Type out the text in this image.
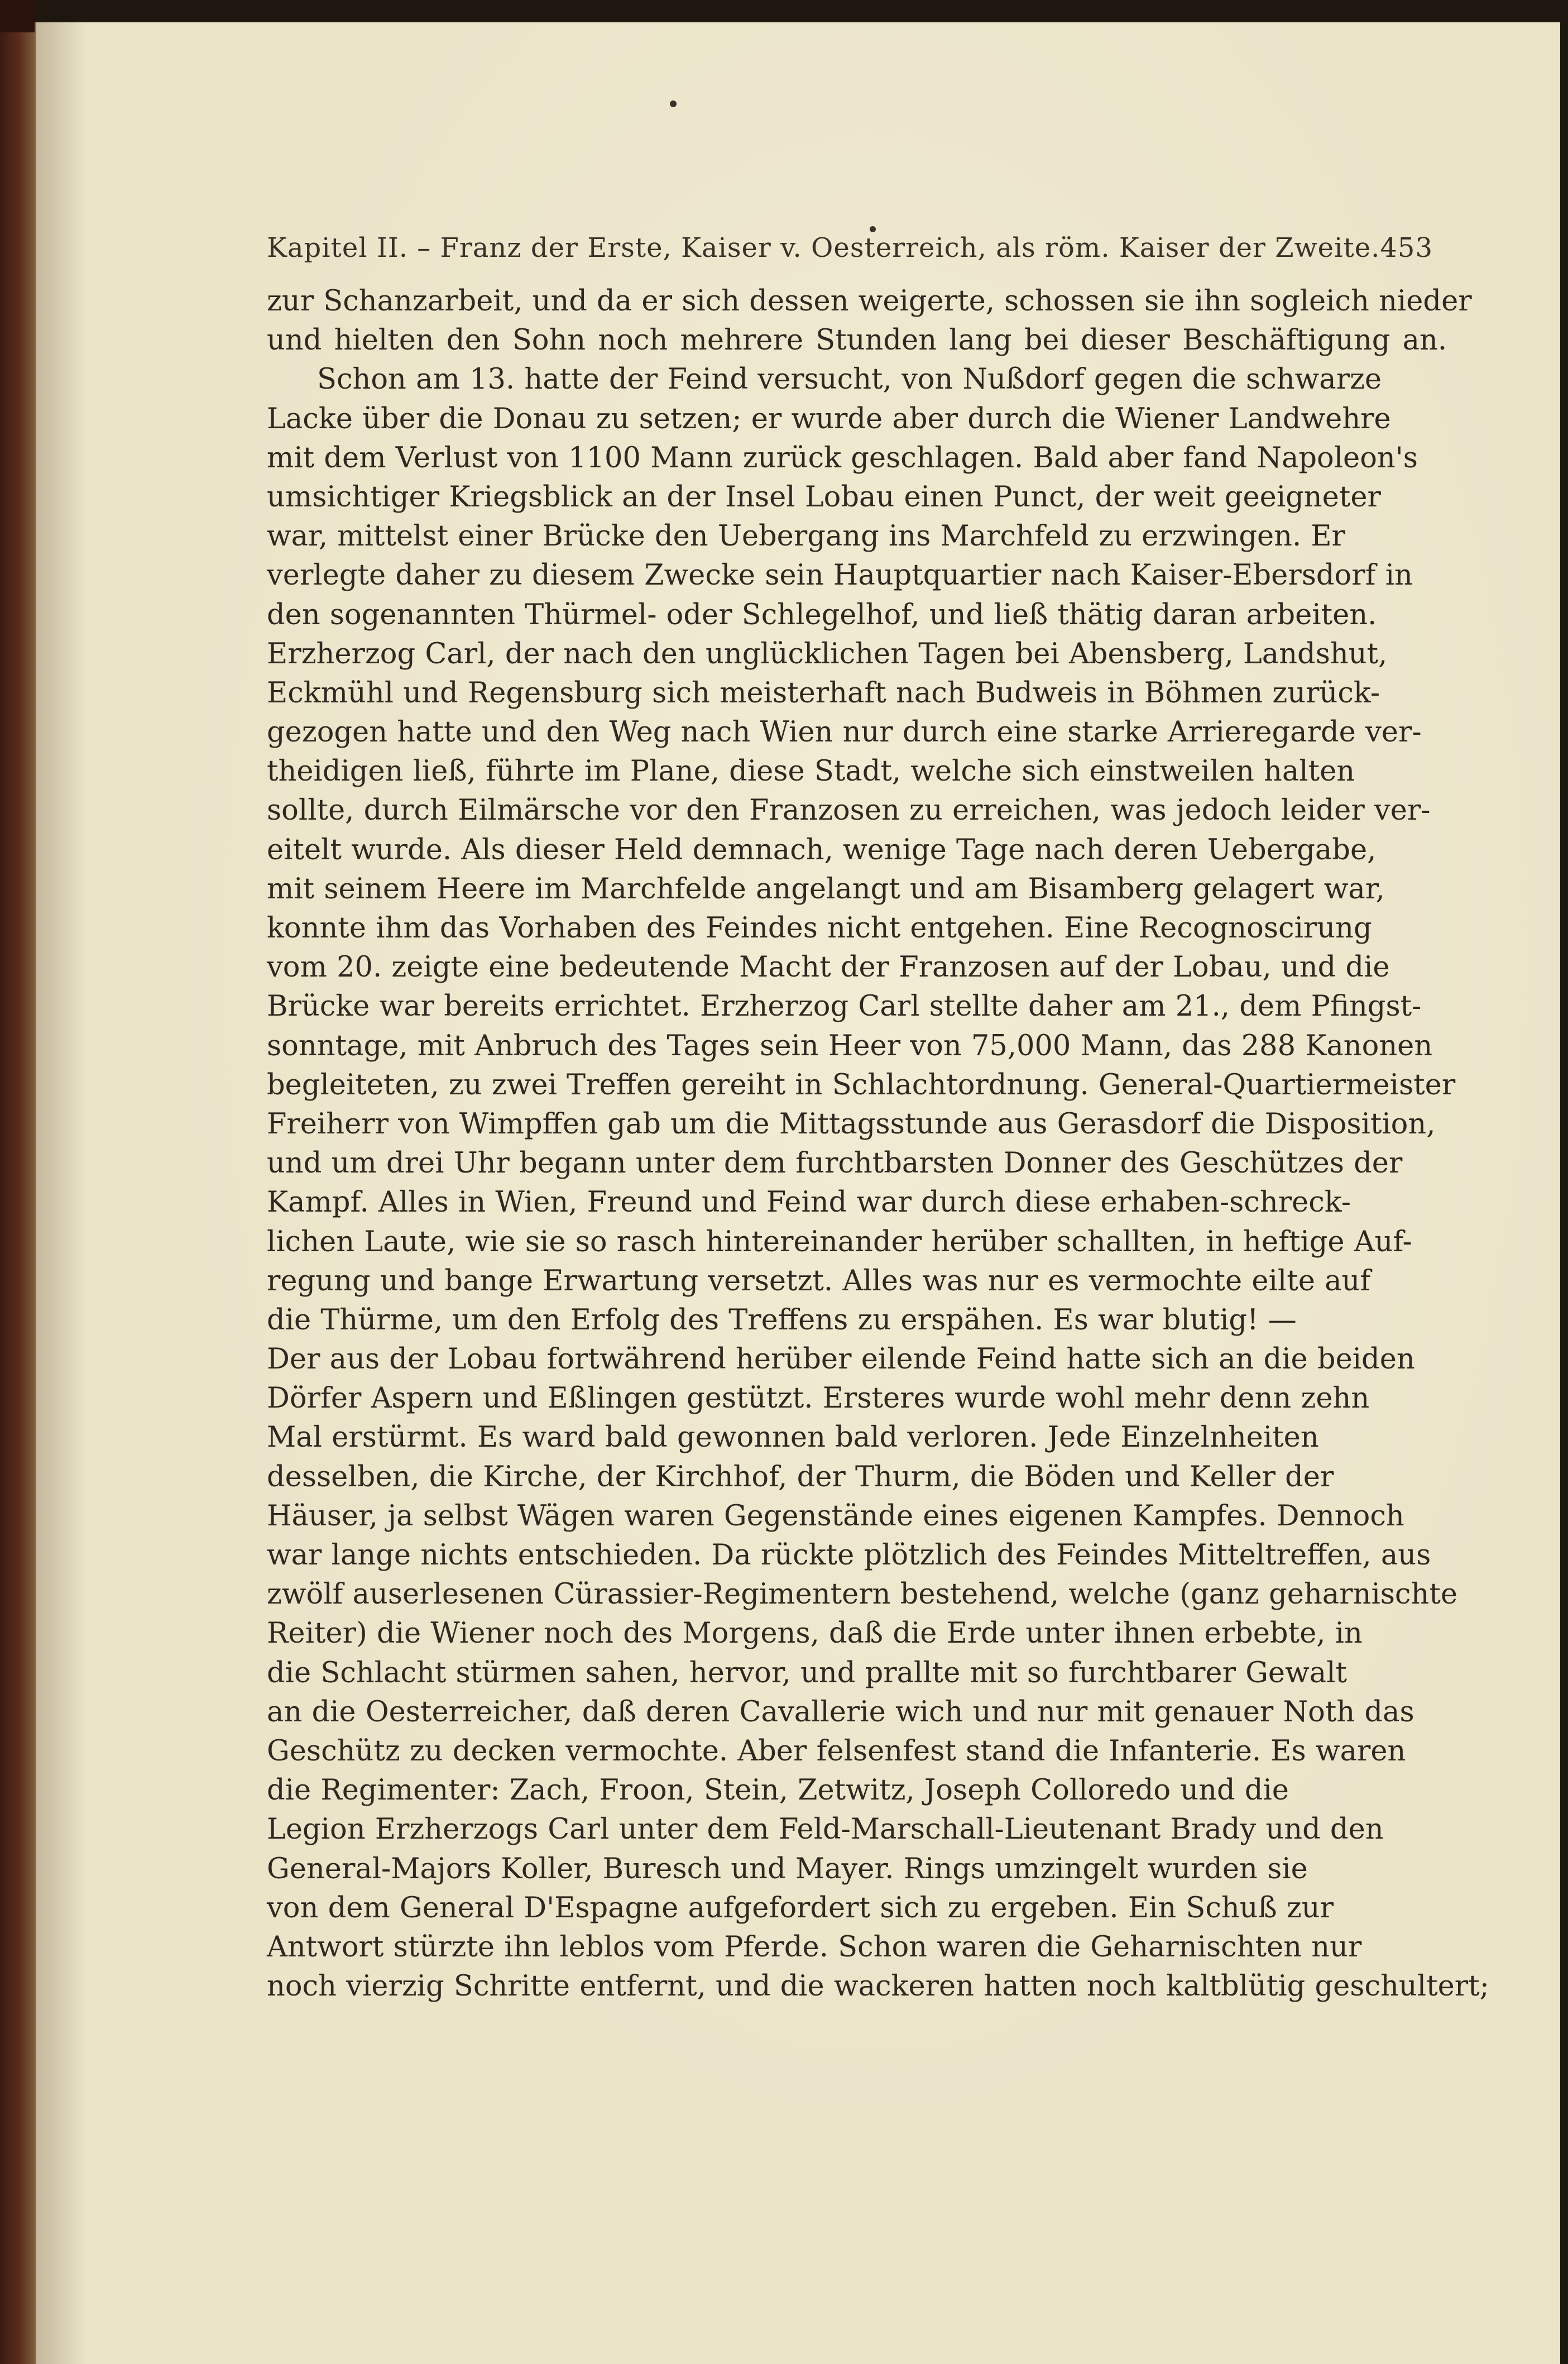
Kapitel II. – Franz der Erste, Kaiser v. Oesterreich, als röm. Kaiser der Zweite. 453
zur Schanzarbeit, und da er sich dessen weigerte, schossen sie ihn sogleich nieder
und hielten den Sohn noch mehrere Stunden lang bei dieser Beschäftigung an.
Schon am 13. hatte der Feind versucht, von Nußdorf gegen die schwarze
Lacke über die Donau zu setzen; er wurde aber durch die Wiener Landwehre
mit dem Verlust von 1100 Mann zurück geschlagen. Bald aber fand Napoleon's
umsichtiger Kriegsblick an der Insel Lobau einen Punct, der weit geeigneter
war, mittelst einer Brücke den Uebergang ins Marchfeld zu erzwingen. Er
verlegte daher zu diesem Zwecke sein Hauptquartier nach Kaiser-Ebersdorf in
den sogenannten Thürmel- oder Schlegelhof, und ließ thätig daran arbeiten.
Erzherzog Carl, der nach den unglücklichen Tagen bei Abensberg, Landshut,
Eckmühl und Regensburg sich meisterhaft nach Budweis in Böhmen zurück-
gezogen hatte und den Weg nach Wien nur durch eine starke Arrieregarde ver-
theidigen ließ, führte im Plane, diese Stadt, welche sich einstweilen halten
sollte, durch Eilmärsche vor den Franzosen zu erreichen, was jedoch leider ver-
eitelt wurde. Als dieser Held demnach, wenige Tage nach deren Uebergabe,
mit seinem Heere im Marchfelde angelangt und am Bisamberg gelagert war,
konnte ihm das Vorhaben des Feindes nicht entgehen. Eine Recognoscirung
vom 20. zeigte eine bedeutende Macht der Franzosen auf der Lobau, und die
Brücke war bereits errichtet. Erzherzog Carl stellte daher am 21., dem Pfingst-
sonntage, mit Anbruch des Tages sein Heer von 75,000 Mann, das 288 Kanonen
begleiteten, zu zwei Treffen gereiht in Schlachtordnung. General-Quartiermeister
Freiherr von Wimpffen gab um die Mittagsstunde aus Gerasdorf die Disposition,
und um drei Uhr begann unter dem furchtbarsten Donner des Geschützes der
Kampf. Alles in Wien, Freund und Feind war durch diese erhaben-schreck-
lichen Laute, wie sie so rasch hintereinander herüber schallten, in heftige Auf-
regung und bange Erwartung versetzt. Alles was nur es vermochte eilte auf
die Thürme, um den Erfolg des Treffens zu erspähen. Es war blutig! —
Der aus der Lobau fortwährend herüber eilende Feind hatte sich an die beiden
Dörfer Aspern und Eßlingen gestützt. Ersteres wurde wohl mehr denn zehn
Mal erstürmt. Es ward bald gewonnen bald verloren. Jede Einzelnheiten
desselben, die Kirche, der Kirchhof, der Thurm, die Böden und Keller der
Häuser, ja selbst Wägen waren Gegenstände eines eigenen Kampfes. Dennoch
war lange nichts entschieden. Da rückte plötzlich des Feindes Mitteltreffen, aus
zwölf auserlesenen Cürassier-Regimentern bestehend, welche (ganz geharnischte
Reiter) die Wiener noch des Morgens, daß die Erde unter ihnen erbebte, in
die Schlacht stürmen sahen, hervor, und prallte mit so furchtbarer Gewalt
an die Oesterreicher, daß deren Cavallerie wich und nur mit genauer Noth das
Geschütz zu decken vermochte. Aber felsenfest stand die Infanterie. Es waren
die Regimenter: Zach, Froon, Stein, Zetwitz, Joseph Colloredo und die
Legion Erzherzogs Carl unter dem Feld-Marschall-Lieutenant Brady und den
General-Majors Koller, Buresch und Mayer. Rings umzingelt wurden sie
von dem General D'Espagne aufgefordert sich zu ergeben. Ein Schuß zur
Antwort stürzte ihn leblos vom Pferde. Schon waren die Geharnischten nur
noch vierzig Schritte entfernt, und die wackeren hatten noch kaltblütig geschultert;
